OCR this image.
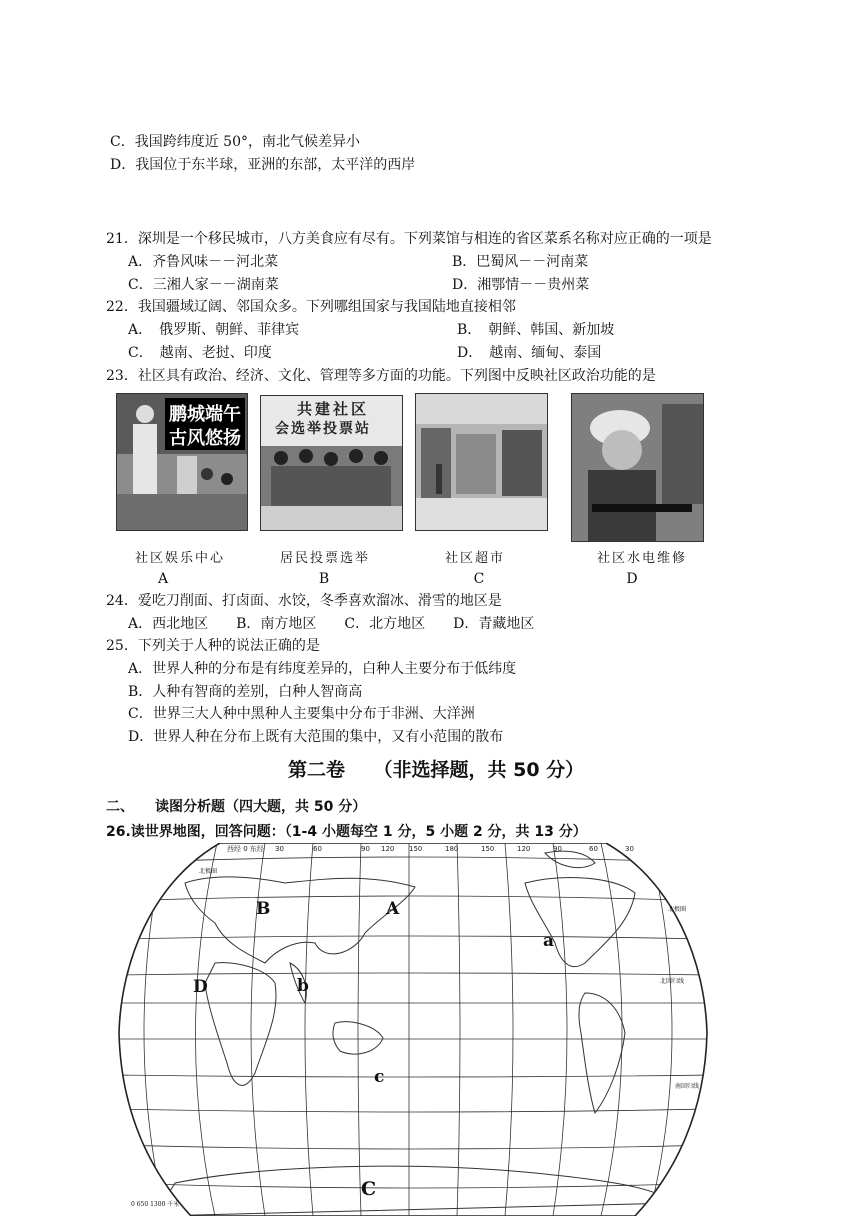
C．我国跨纬度近 50°，南北气候差异小
D．我国位于东半球，亚洲的东部，太平洋的西岸
21．深圳是一个移民城市，八方美食应有尽有。下列菜馆与相连的省区菜系名称对应正确的一项是
A．齐鲁风味－－河北菜	B．巴蜀风－－河南菜
C．三湘人家－－湖南菜	D．湘鄂情－－贵州菜
22．我国疆域辽阔、邻国众多。下列哪组国家与我国陆地直接相邻
A．　俄罗斯、朝鲜、菲律宾	B．　朝鲜、韩国、新加坡
C．　越南、老挝、印度	D．　越南、缅甸、泰国
23．社区具有政治、经济、文化、管理等多方面的功能。下列图中反映社区政治功能的是
鹏城端午
古风悠扬
共建社区
会选举投票站
社区娱乐中心	居民投票选举	社区超市	社区水电维修
A	B	C	D
24．爱吃刀削面、打卤面、水饺，冬季喜欢溜冰、滑雪的地区是
A．西北地区　　B．南方地区　　C．北方地区　　D．青藏地区
25．下列关于人种的说法正确的是
A．世界人种的分布是有纬度差异的，白种人主要分布于低纬度
B．人种有智商的差别，白种人智商高
C．世界三大人种中黑种人主要集中分布于非洲、大洋洲
D．世界人种在分布上既有大范围的集中，又有小范围的散布
第二卷　　（非选择题，共 50 分）
二、　　读图分析题（四大题，共 50 分）
26.读世界地图，回答问题：（1-4 小题每空 1 分，5 小题 2 分，共 13 分）
西经 0 东经 30	60	90 120 150	180	150	120	90	60	30
北极圈
北极圈
北回归线
南回归线
0 650 1300 千米
A
B
a
D	b
c
C
